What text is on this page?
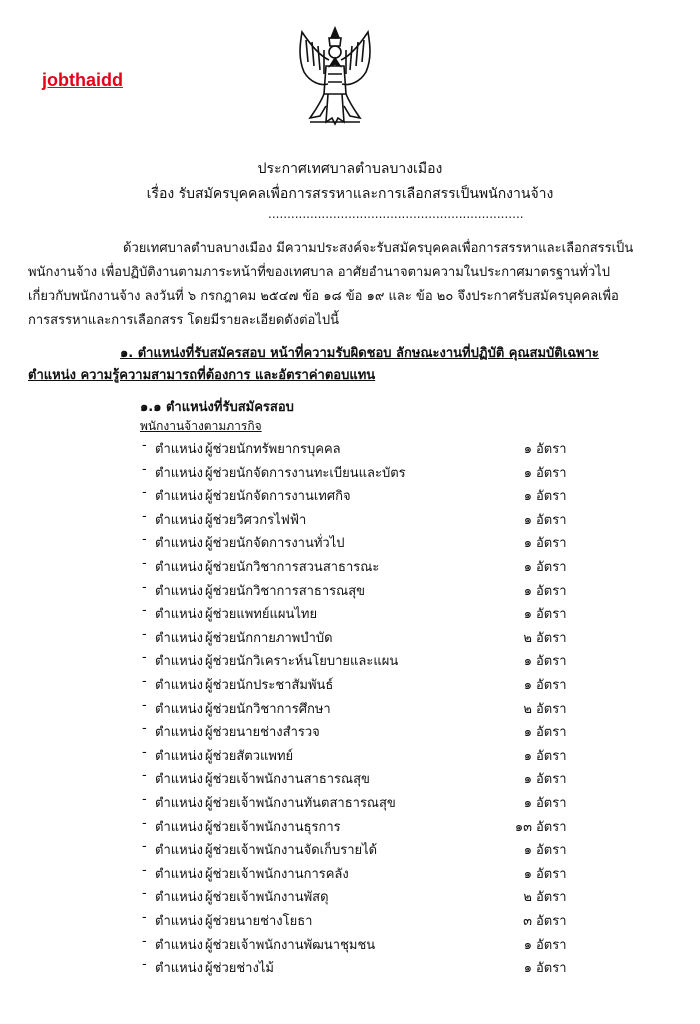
jobthaidd
ประกาศเทศบาลตำบลบางเมือง
เรื่อง รับสมัครบุคคลเพื่อการสรรหาและการเลือกสรรเป็นพนักงานจ้าง
...................................................................
ด้วยเทศบาลตำบลบางเมือง มีความประสงค์จะรับสมัครบุคคลเพื่อการสรรหาและเลือกสรรเป็น
พนักงานจ้าง เพื่อปฏิบัติงานตามภาระหน้าที่ของเทศบาล อาศัยอำนาจตามความในประกาศมาตรฐานทั่วไป
เกี่ยวกับพนักงานจ้าง ลงวันที่ ๖ กรกฎาคม ๒๕๔๗ ข้อ ๑๘ ข้อ ๑๙ และ ข้อ ๒๐ จึงประกาศรับสมัครบุคคลเพื่อ
การสรรหาและการเลือกสรร โดยมีรายละเอียดดังต่อไปนี้
๑. ตำแหน่งที่รับสมัครสอบ หน้าที่ความรับผิดชอบ ลักษณะงานที่ปฏิบัติ คุณสมบัติเฉพาะ
ตำแหน่ง ความรู้ความสามารถที่ต้องการ และอัตราค่าตอบแทน
๑.๑ ตำแหน่งที่รับสมัครสอบ
พนักงานจ้างตามภารกิจ
- ตำแหน่ง ผู้ช่วยนักทรัพยากรบุคคล	๑ อัตรา
- ตำแหน่ง ผู้ช่วยนักจัดการงานทะเบียนและบัตร	๑ อัตรา
- ตำแหน่ง ผู้ช่วยนักจัดการงานเทศกิจ	๑ อัตรา
- ตำแหน่ง ผู้ช่วยวิศวกรไฟฟ้า	๑ อัตรา
- ตำแหน่ง ผู้ช่วยนักจัดการงานทั่วไป	๑ อัตรา
- ตำแหน่ง ผู้ช่วยนักวิชาการสวนสาธารณะ	๑ อัตรา
- ตำแหน่ง ผู้ช่วยนักวิชาการสาธารณสุข	๑ อัตรา
- ตำแหน่ง ผู้ช่วยแพทย์แผนไทย	๑ อัตรา
- ตำแหน่ง ผู้ช่วยนักกายภาพบำบัด	๒ อัตรา
- ตำแหน่ง ผู้ช่วยนักวิเคราะห์นโยบายและแผน	๑ อัตรา
- ตำแหน่ง ผู้ช่วยนักประชาสัมพันธ์	๑ อัตรา
- ตำแหน่ง ผู้ช่วยนักวิชาการศึกษา	๒ อัตรา
- ตำแหน่ง ผู้ช่วยนายช่างสำรวจ	๑ อัตรา
- ตำแหน่ง ผู้ช่วยสัตวแพทย์	๑ อัตรา
- ตำแหน่ง ผู้ช่วยเจ้าพนักงานสาธารณสุข	๑ อัตรา
- ตำแหน่ง ผู้ช่วยเจ้าพนักงานทันตสาธารณสุข	๑ อัตรา
- ตำแหน่ง ผู้ช่วยเจ้าพนักงานธุรการ	๑๓ อัตรา
- ตำแหน่ง ผู้ช่วยเจ้าพนักงานจัดเก็บรายได้	๑ อัตรา
- ตำแหน่ง ผู้ช่วยเจ้าพนักงานการคลัง	๑ อัตรา
- ตำแหน่ง ผู้ช่วยเจ้าพนักงานพัสดุ	๒ อัตรา
- ตำแหน่ง ผู้ช่วยนายช่างโยธา	๓ อัตรา
- ตำแหน่ง ผู้ช่วยเจ้าพนักงานพัฒนาชุมชน	๑ อัตรา
- ตำแหน่ง ผู้ช่วยช่างไม้	๑ อัตรา
